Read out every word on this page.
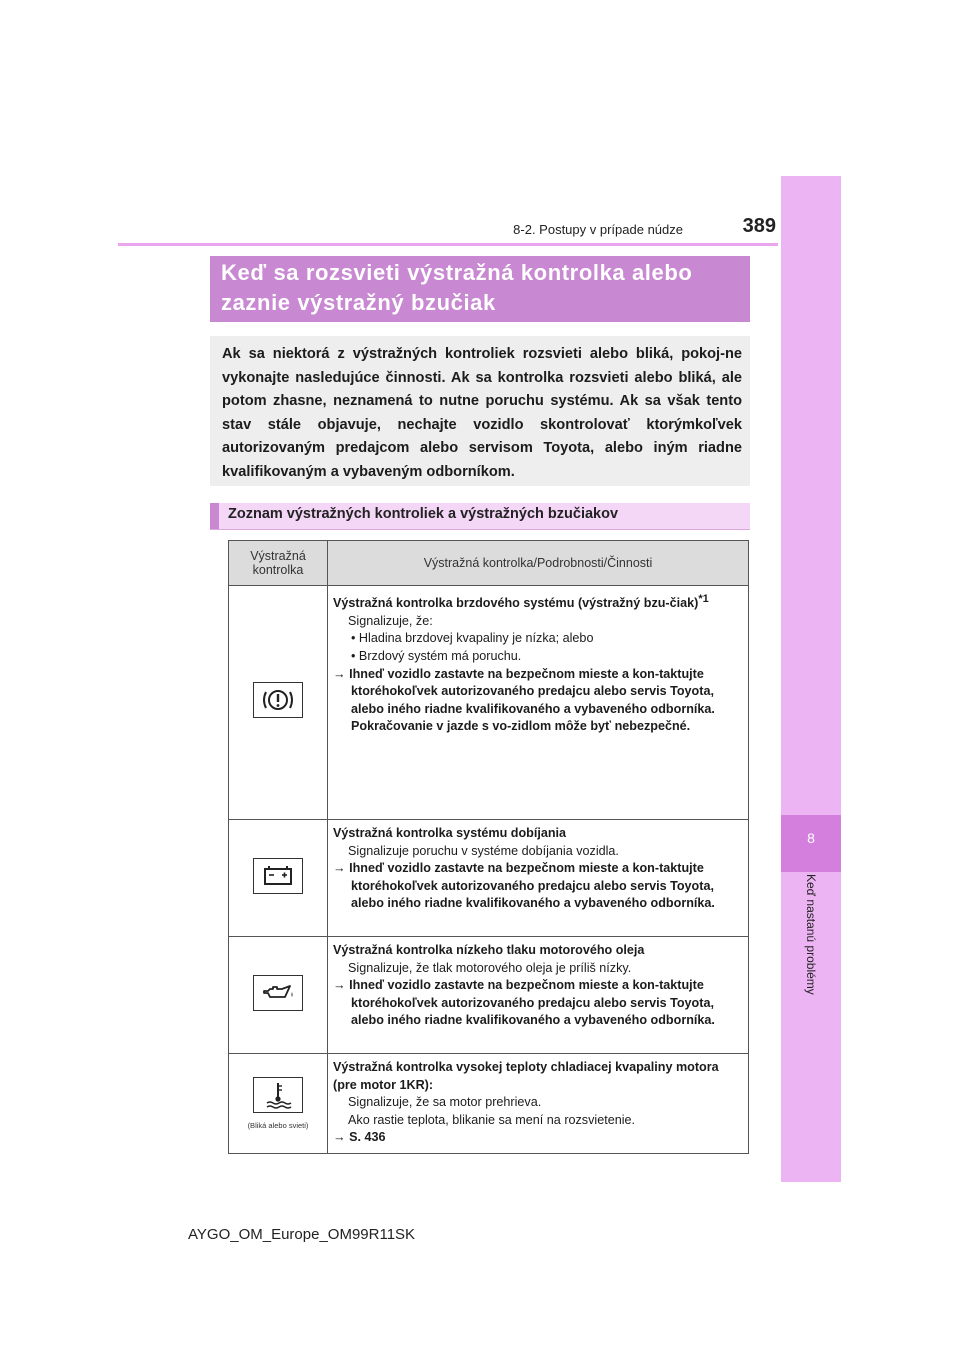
8-2. Postupy v prípade núdze	389
8
Keď nastanú problémy
Keď sa rozsvieti výstražná kontrolka alebo
zaznie výstražný bzučiak
Ak sa niektorá z výstražných kontroliek rozsvieti alebo bliká, pokoj-ne vykonajte nasledujúce činnosti. Ak sa kontrolka rozsvieti alebo bliká, ale potom zhasne, neznamená to nutne poruchu systému. Ak sa však tento stav stále objavuje, nechajte vozidlo skontrolovať ktorýmkoľvek autorizovaným predajcom alebo servisom Toyota, alebo iným riadne kvalifikovaným a vybaveným odborníkom.
Zoznam výstražných kontroliek a výstražných bzučiakov
Výstražná kontrolka	Výstražná kontrolka/Podrobnosti/Činnosti

Výstražná kontrolka brzdového systému (výstražný bzu-čiak)$^{*1}$
Signalizuje, že:
• Hladina brzdovej kvapaliny je nízka; alebo
• Brzdový systém má poruchu.
→ Ihneď vozidlo zastavte na bezpečnom mieste a kon-taktujte ktoréhokoľvek autorizovaného predajcu alebo servis Toyota, alebo iného riadne kvalifikovaného a vybaveného odborníka. Pokračovanie v jazde s vo-zidlom môže byť nebezpečné.

Výstražná kontrolka systému dobíjania
Signalizuje poruchu v systéme dobíjania vozidla.
→ Ihneď vozidlo zastavte na bezpečnom mieste a kon-taktujte ktoréhokoľvek autorizovaného predajcu alebo servis Toyota, alebo iného riadne kvalifikovaného a vybaveného odborníka.

Výstražná kontrolka nízkeho tlaku motorového oleja
Signalizuje, že tlak motorového oleja je príliš nízky.
→ Ihneď vozidlo zastavte na bezpečnom mieste a kon-taktujte ktoréhokoľvek autorizovaného predajcu alebo servis Toyota, alebo iného riadne kvalifikovaného a vybaveného odborníka.

(Bliká alebo svieti)	Výstražná kontrolka vysokej teploty chladiacej kvapaliny motora (pre motor 1KR):
Signalizuje, že sa motor prehrieva.
Ako rastie teplota, blikanie sa mení na rozsvietenie.
→ S. 436
AYGO_OM_Europe_OM99R11SK
